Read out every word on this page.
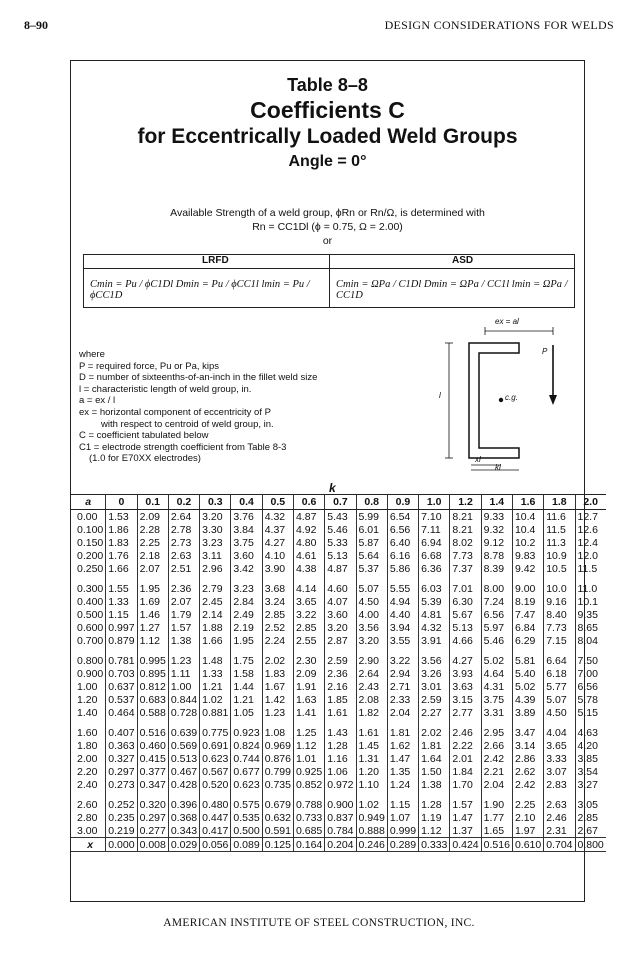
8–90	DESIGN CONSIDERATIONS FOR WELDS
Table 8–8
Coefficients C
for Eccentrically Loaded Weld Groups
Angle = 0°
Available Strength of a weld group, ϕRn or Rn/Ω, is determined with
Rn = CC1Dl (ϕ = 0.75, Ω = 2.00)
or
LRFD	ASD
Cmin = Pu / ϕC1Dl Dmin = Pu / ϕCC1l lmin = Pu / ϕCC1D
Cmin = ΩPa / C1Dl Dmin = ΩPa / CC1l lmin = ΩPa / CC1D
where
P = required force, Pu or Pa, kips
D = number of sixteenths-of-an-inch in the fillet weld size
l = characteristic length of weld group, in.
a = ex / l
ex = horizontal component of eccentricity of P
with respect to centroid of weld group, in.
C = coefficient tabulated below
C1 = electrode strength coefficient from Table 8-3
(1.0 for E70XX electrodes)
ex = al
P
l	c.g.
xl
kl
k
a	0	0.1	0.2	0.3	0.4	0.5	0.6	0.7	0.8	0.9	1.0	1.2	1.4	1.6	1.8	2.0
0.00	1.53	2.09	2.64	3.20	3.76	4.32	4.87	5.43	5.99	6.54	7.10	8.21	9.33	10.4	11.6	12.7
0.100	1.86	2.28	2.78	3.30	3.84	4.37	4.92	5.46	6.01	6.56	7.11	8.21	9.32	10.4	11.5	12.6
0.150	1.83	2.25	2.73	3.23	3.75	4.27	4.80	5.33	5.87	6.40	6.94	8.02	9.12	10.2	11.3	12.4
0.200	1.76	2.18	2.63	3.11	3.60	4.10	4.61	5.13	5.64	6.16	6.68	7.73	8.78	9.83	10.9	12.0
0.250	1.66	2.07	2.51	2.96	3.42	3.90	4.38	4.87	5.37	5.86	6.36	7.37	8.39	9.42	10.5	11.5
0.300	1.55	1.95	2.36	2.79	3.23	3.68	4.14	4.60	5.07	5.55	6.03	7.01	8.00	9.00	10.0	11.0
0.400	1.33	1.69	2.07	2.45	2.84	3.24	3.65	4.07	4.50	4.94	5.39	6.30	7.24	8.19	9.16	10.1
0.500	1.15	1.46	1.79	2.14	2.49	2.85	3.22	3.60	4.00	4.40	4.81	5.67	6.56	7.47	8.40	9.35
0.600	0.997	1.27	1.57	1.88	2.19	2.52	2.85	3.20	3.56	3.94	4.32	5.13	5.97	6.84	7.73	8.65
0.700	0.879	1.12	1.38	1.66	1.95	2.24	2.55	2.87	3.20	3.55	3.91	4.66	5.46	6.29	7.15	8.04
0.800	0.781	0.995	1.23	1.48	1.75	2.02	2.30	2.59	2.90	3.22	3.56	4.27	5.02	5.81	6.64	7.50
0.900	0.703	0.895	1.11	1.33	1.58	1.83	2.09	2.36	2.64	2.94	3.26	3.93	4.64	5.40	6.18	7.00
1.00	0.637	0.812	1.00	1.21	1.44	1.67	1.91	2.16	2.43	2.71	3.01	3.63	4.31	5.02	5.77	6.56
1.20	0.537	0.683	0.844	1.02	1.21	1.42	1.63	1.85	2.08	2.33	2.59	3.15	3.75	4.39	5.07	5.78
1.40	0.464	0.588	0.728	0.881	1.05	1.23	1.41	1.61	1.82	2.04	2.27	2.77	3.31	3.89	4.50	5.15
1.60	0.407	0.516	0.639	0.775	0.923	1.08	1.25	1.43	1.61	1.81	2.02	2.46	2.95	3.47	4.04	4.63
1.80	0.363	0.460	0.569	0.691	0.824	0.969	1.12	1.28	1.45	1.62	1.81	2.22	2.66	3.14	3.65	4.20
2.00	0.327	0.415	0.513	0.623	0.744	0.876	1.01	1.16	1.31	1.47	1.64	2.01	2.42	2.86	3.33	3.85
2.20	0.297	0.377	0.467	0.567	0.677	0.799	0.925	1.06	1.20	1.35	1.50	1.84	2.21	2.62	3.07	3.54
2.40	0.273	0.347	0.428	0.520	0.623	0.735	0.852	0.972	1.10	1.24	1.38	1.70	2.04	2.42	2.83	3.27
2.60	0.252	0.320	0.396	0.480	0.575	0.679	0.788	0.900	1.02	1.15	1.28	1.57	1.90	2.25	2.63	3.05
2.80	0.235	0.297	0.368	0.447	0.535	0.632	0.733	0.837	0.949	1.07	1.19	1.47	1.77	2.10	2.46	2.85
3.00	0.219	0.277	0.343	0.417	0.500	0.591	0.685	0.784	0.888	0.999	1.12	1.37	1.65	1.97	2.31	2.67
x	0.000	0.008	0.029	0.056	0.089	0.125	0.164	0.204	0.246	0.289	0.333	0.424	0.516	0.610	0.704	0.800
AMERICAN INSTITUTE OF STEEL CONSTRUCTION, INC.
